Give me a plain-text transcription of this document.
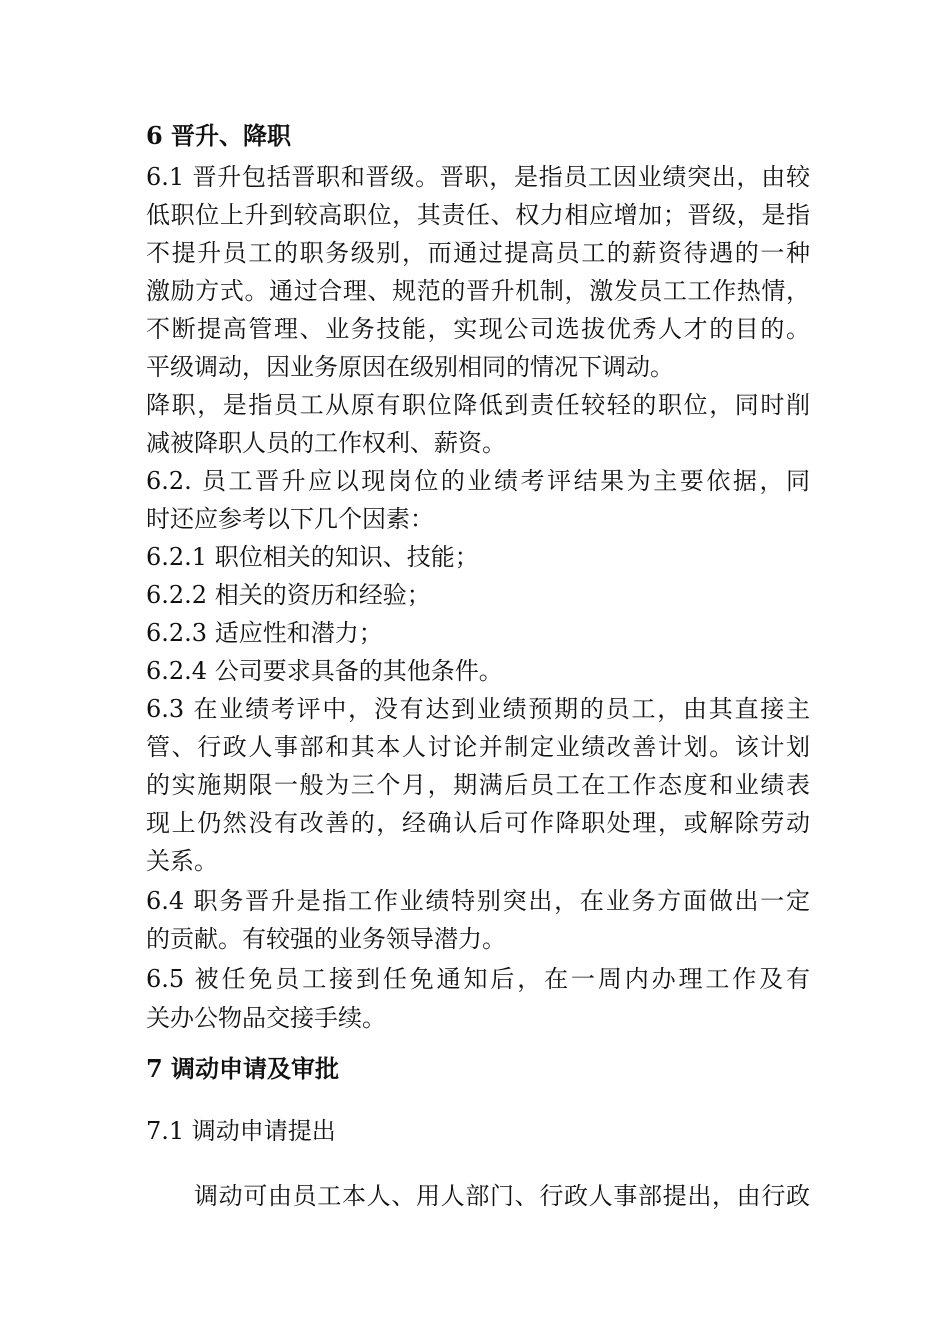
6 晋升、降职
6.1 晋升包括晋职和晋级。晋职，是指员工因业绩突出，由较
低职位上升到较高职位，其责任、权力相应增加；晋级，是指
不提升员工的职务级别，而通过提高员工的薪资待遇的一种
激励方式。通过合理、规范的晋升机制，激发员工工作热情，
不断提高管理、业务技能，实现公司选拔优秀人才的目的。
平级调动，因业务原因在级别相同的情况下调动。
降职，是指员工从原有职位降低到责任较轻的职位，同时削
减被降职人员的工作权利、薪资。
6.2. 员工晋升应以现岗位的业绩考评结果为主要依据，同
时还应参考以下几个因素：
6.2.1 职位相关的知识、技能；
6.2.2 相关的资历和经验；
6.2.3 适应性和潜力；
6.2.4 公司要求具备的其他条件。
6.3 在业绩考评中，没有达到业绩预期的员工，由其直接主
管、行政人事部和其本人讨论并制定业绩改善计划。该计划
的实施期限一般为三个月，期满后员工在工作态度和业绩表
现上仍然没有改善的，经确认后可作降职处理，或解除劳动
关系。
6.4 职务晋升是指工作业绩特别突出，在业务方面做出一定
的贡献。有较强的业务领导潜力。
6.5 被任免员工接到任免通知后，在一周内办理工作及有
关办公物品交接手续。
7 调动申请及审批
7.1 调动申请提出
调动可由员工本人、用人部门、行政人事部提出，由行政
